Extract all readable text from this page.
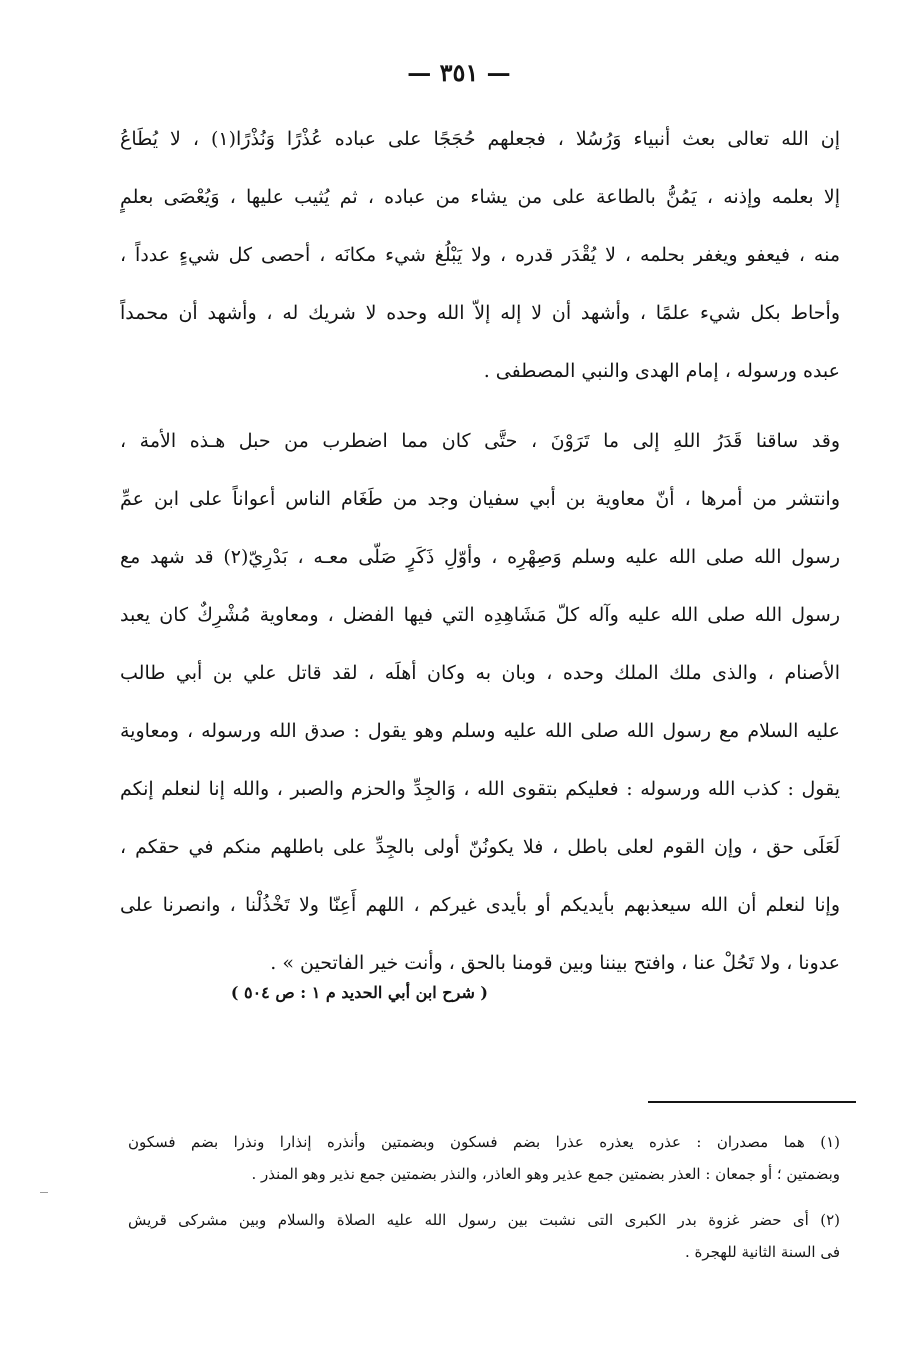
— ٣٥١ —
إن الله تعالى بعث أنبياء وَرُسُلا ، فجعلهم حُجَجًا على عباده عُذْرًا وَنُذْرًا(١) ، لا يُطَاعُ
إلا بعلمه وإذنه ، يَمُنُّ بالطاعة على من يشاء من عباده ، ثم يُثيب عليها ، وَيُعْصَى بعلمٍ
منه ، فيعفو ويغفر بحلمه ، لا يُقْدَر قدره ، ولا يَبْلُغ شيء مكانَه ، أحصى كل شيءٍ عدداً ،
وأحاط بكل شيء علمًا ، وأشهد أن لا إله إلاّ الله وحده لا شريك له ، وأشهد أن محمداً
عبده ورسوله ، إمام الهدى والنبي المصطفى .
وقد ساقنا قَدَرُ اللهِ إلى ما تَرَوْنَ ، حتَّى كان مما اضطرب من حبل هـذه الأمة ،
وانتشر من أمرها ، أنّ معاوية بن أبي سفيان وجد من طَغَام الناس أعواناً على ابن عمِّ
رسول الله صلى الله عليه وسلم وَصِهْرِه ، وأوّلِ ذَكَرٍ صَلّى معـه ، بَدْرِيّ(٢) قد شهد مع
رسول الله صلى الله عليه وآله كلّ مَشَاهِدِه التي فيها الفضل ، ومعاوية مُشْرِكٌ كان يعبد
الأصنام ، والذى ملك الملك وحده ، وبان به وكان أهلَه ، لقد قاتل علي بن أبي طالب
عليه السلام مع رسول الله صلى الله عليه وسلم وهو يقول : صدق الله ورسوله ، ومعاوية
يقول : كذب الله ورسوله : فعليكم بتقوى الله ، وَالجِدِّ والحزم والصبر ، والله إنا لنعلم إنكم
لَعَلَى حق ، وإن القوم لعلى باطل ، فلا يكونُنّ أولى بالجِدِّ على باطلهم منكم في حقكم ،
وإنا لنعلم أن الله سيعذبهم بأيديكم أو بأيدى غيركم ، اللهم أَعِنّا ولا تَخْذُلْنا ، وانصرنا على
عدونا ، ولا تَحُلْ عنا ، وافتح بيننا وبين قومنا بالحق ، وأنت خير الفاتحين » .
( شرح ابن أبي الحديد م ١ : ص ٥٠٤ )
(١) هما مصدران : عذره يعذره عذرا بضم فسكون وبضمتين وأنذره إنذارا ونذرا بضم فسكون
وبضمتين ؛ أو جمعان : العذر بضمتين جمع عذير وهو العاذر، والنذر بضمتين جمع نذير وهو المنذر .
(٢) أى حضر غزوة بدر الكبرى التى نشبت بين رسول الله عليه الصلاة والسلام وبين مشركى قريش
فى السنة الثانية للهجرة .
